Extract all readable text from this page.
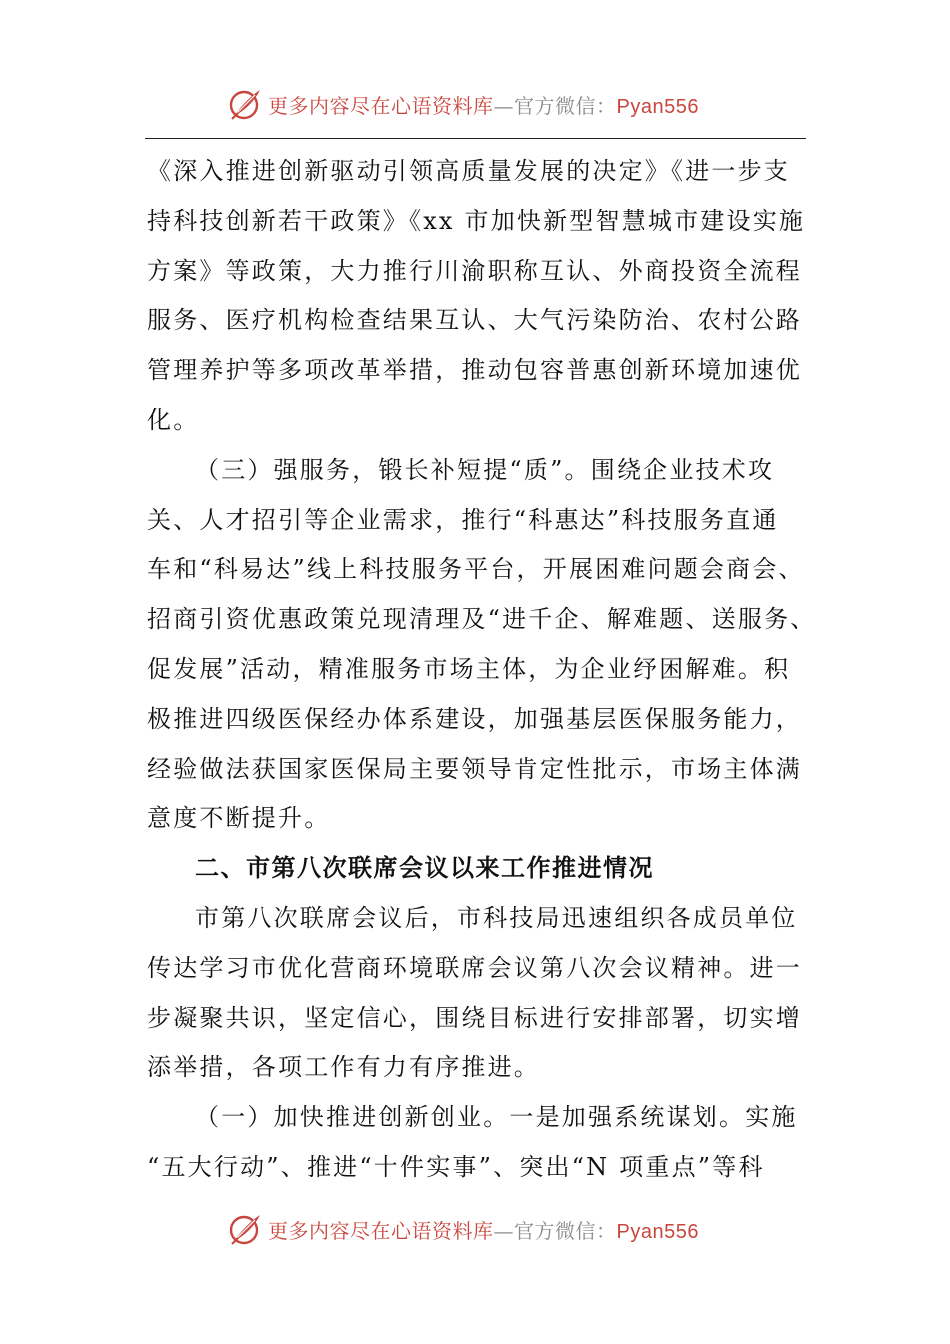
更多内容尽在心语资料库—官方微信：Pyan556
《深入推进创新驱动引领高质量发展的决定》《进一步支
持科技创新若干政策》《xx 市加快新型智慧城市建设实施
方案》等政策，大力推行川渝职称互认、外商投资全流程
服务、医疗机构检查结果互认、大气污染防治、农村公路
管理养护等多项改革举措，推动包容普惠创新环境加速优
化。
（三）强服务，锻长补短提“质”。围绕企业技术攻
关、人才招引等企业需求，推行“科惠达”科技服务直通
车和“科易达”线上科技服务平台，开展困难问题会商会、
招商引资优惠政策兑现清理及“进千企、解难题、送服务、
促发展”活动，精准服务市场主体，为企业纾困解难。积
极推进四级医保经办体系建设，加强基层医保服务能力，
经验做法获国家医保局主要领导肯定性批示，市场主体满
意度不断提升。
二、市第八次联席会议以来工作推进情况
市第八次联席会议后，市科技局迅速组织各成员单位
传达学习市优化营商环境联席会议第八次会议精神。进一
步凝聚共识，坚定信心，围绕目标进行安排部署，切实增
添举措，各项工作有力有序推进。
（一）加快推进创新创业。一是加强系统谋划。实施
“五大行动”、推进“十件实事”、突出“N 项重点”等科
更多内容尽在心语资料库—官方微信：Pyan556
